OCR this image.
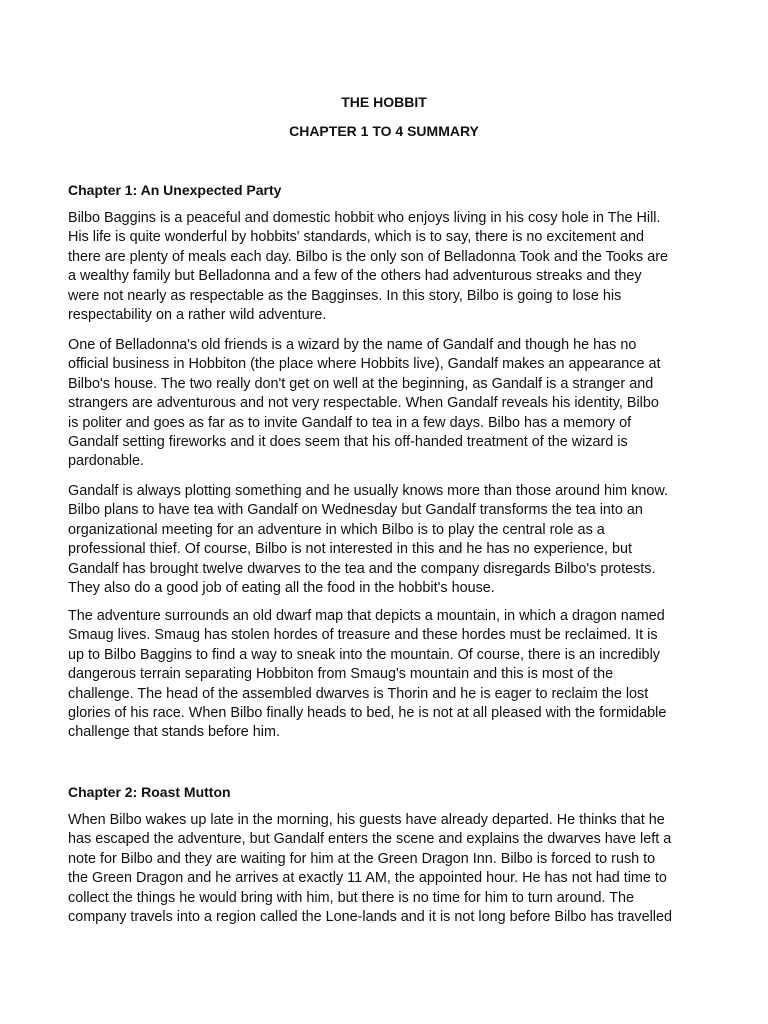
THE HOBBIT
CHAPTER 1 TO 4 SUMMARY
Chapter 1: An Unexpected Party

Bilbo Baggins is a peaceful and domestic hobbit who enjoys living in his cosy hole in The Hill.
His life is quite wonderful by hobbits' standards, which is to say, there is no excitement and
there are plenty of meals each day. Bilbo is the only son of Belladonna Took and the Tooks are
a wealthy family but Belladonna and a few of the others had adventurous streaks and they
were not nearly as respectable as the Bagginses. In this story, Bilbo is going to lose his
respectability on a rather wild adventure.

One of Belladonna's old friends is a wizard by the name of Gandalf and though he has no
official business in Hobbiton (the place where Hobbits live), Gandalf makes an appearance at
Bilbo's house. The two really don't get on well at the beginning, as Gandalf is a stranger and
strangers are adventurous and not very respectable. When Gandalf reveals his identity, Bilbo
is politer and goes as far as to invite Gandalf to tea in a few days. Bilbo has a memory of
Gandalf setting fireworks and it does seem that his off-handed treatment of the wizard is
pardonable.

Gandalf is always plotting something and he usually knows more than those around him know.
Bilbo plans to have tea with Gandalf on Wednesday but Gandalf transforms the tea into an
organizational meeting for an adventure in which Bilbo is to play the central role as a
professional thief. Of course, Bilbo is not interested in this and he has no experience, but
Gandalf has brought twelve dwarves to the tea and the company disregards Bilbo's protests.
They also do a good job of eating all the food in the hobbit's house.

The adventure surrounds an old dwarf map that depicts a mountain, in which a dragon named
Smaug lives. Smaug has stolen hordes of treasure and these hordes must be reclaimed. It is
up to Bilbo Baggins to find a way to sneak into the mountain. Of course, there is an incredibly
dangerous terrain separating Hobbiton from Smaug's mountain and this is most of the
challenge. The head of the assembled dwarves is Thorin and he is eager to reclaim the lost
glories of his race. When Bilbo finally heads to bed, he is not at all pleased with the formidable
challenge that stands before him.

Chapter 2: Roast Mutton

When Bilbo wakes up late in the morning, his guests have already departed. He thinks that he
has escaped the adventure, but Gandalf enters the scene and explains the dwarves have left a
note for Bilbo and they are waiting for him at the Green Dragon Inn. Bilbo is forced to rush to
the Green Dragon and he arrives at exactly 11 AM, the appointed hour. He has not had time to
collect the things he would bring with him, but there is no time for him to turn around. The
company travels into a region called the Lone-lands and it is not long before Bilbo has travelled
